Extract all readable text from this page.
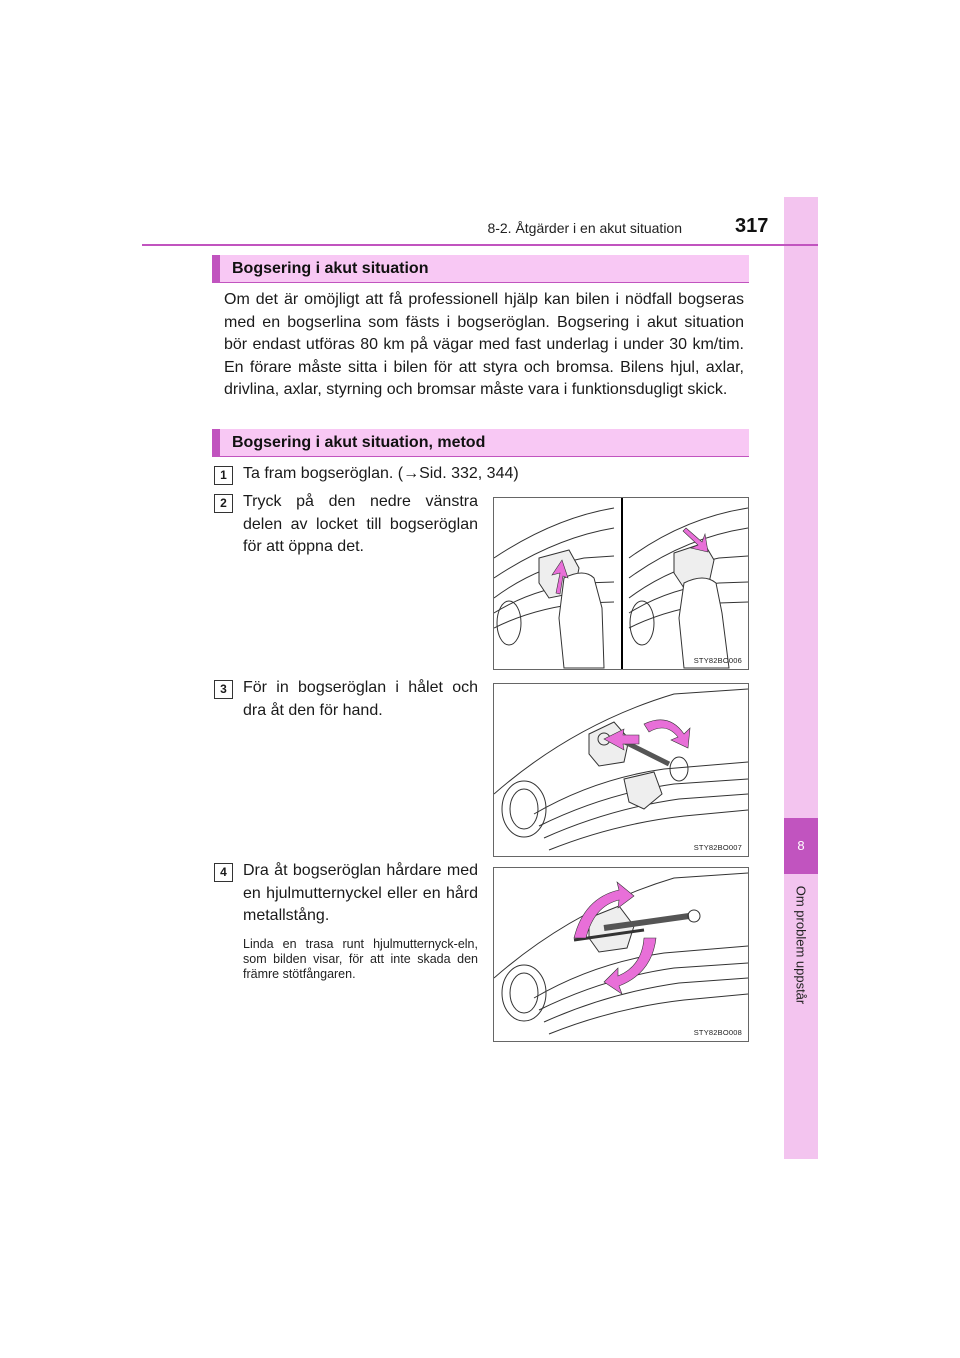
8
Om problem uppstår
8-2. Åtgärder i en akut situation	317
Bogsering i akut situation
Om det är omöjligt att få professionell hjälp kan bilen i nödfall bogseras med en bogserlina som fästs i bogseröglan. Bogsering i akut situation bör endast utföras 80 km på vägar med fast underlag i under 30 km/tim. En förare måste sitta i bilen för att styra och bromsa. Bilens hjul, axlar, drivlina, axlar, styrning och bromsar måste vara i funktionsdugligt skick.
Bogsering i akut situation, metod
1	Ta fram bogseröglan. (→Sid. 332, 344)
2	Tryck på den nedre vänstra delen av locket till bogseröglan för att öppna det.
STY82BO006
3	För in bogseröglan i hålet och dra åt den för hand.
STY82BO007
4	Dra åt bogseröglan hårdare med en hjulmutternyckel eller en hård metallstång.
Linda en trasa runt hjulmutternyck-eln, som bilden visar, för att inte skada den främre stötfångaren.
STY82BO008
